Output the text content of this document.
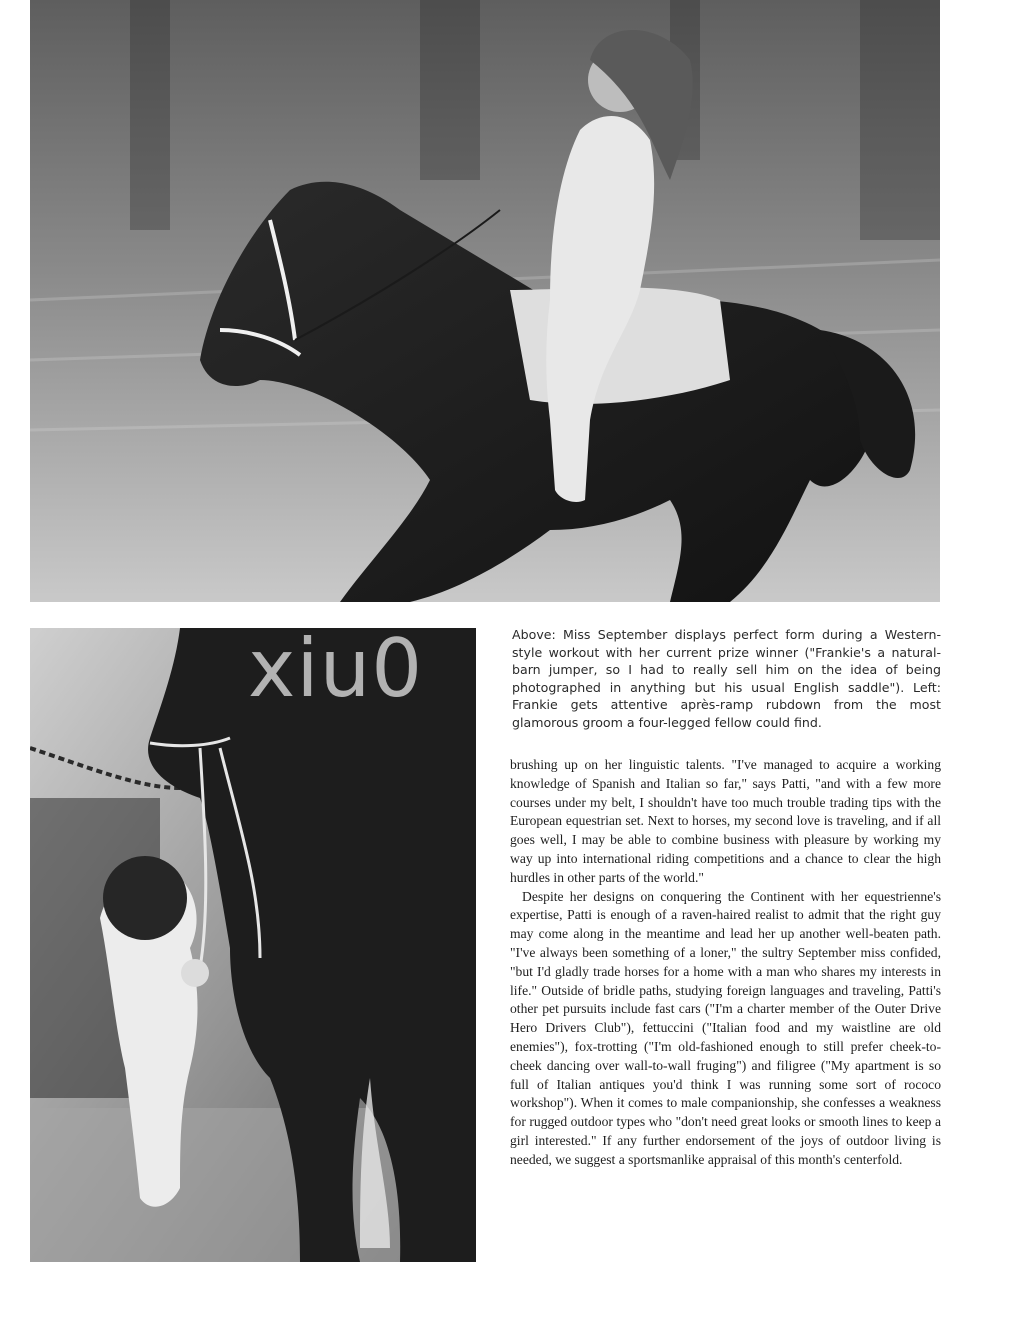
xiu0	Above: Miss September displays perfect form during a Western-style workout with her current prize winner ("Frankie's a natural-barn jumper, so I had to really sell him on the idea of being photographed in anything but his usual English saddle"). Left: Frankie gets attentive après-ramp rubdown from the most glamorous groom a four-legged fellow could find.

brushing up on her linguistic talents. "I've managed to acquire a working knowledge of Spanish and Italian so far," says Patti, "and with a few more courses under my belt, I shouldn't have too much trouble trading tips with the European equestrian set. Next to horses, my second love is traveling, and if all goes well, I may be able to combine business with pleasure by working my way up into international riding competitions and a chance to clear the high hurdles in other parts of the world."

Despite her designs on conquering the Continent with her equestrienne's expertise, Patti is enough of a raven-haired realist to admit that the right guy may come along in the meantime and lead her up another well-beaten path. "I've always been something of a loner," the sultry September miss confided, "but I'd gladly trade horses for a home with a man who shares my interests in life." Outside of bridle paths, studying foreign languages and traveling, Patti's other pet pursuits include fast cars ("I'm a charter member of the Outer Drive Hero Drivers Club"), fettuccini ("Italian food and my waistline are old enemies"), fox-trotting ("I'm old-fashioned enough to still prefer cheek-to-cheek dancing over wall-to-wall fruging") and filigree ("My apartment is so full of Italian antiques you'd think I was running some sort of rococo workshop"). When it comes to male companionship, she confesses a weakness for rugged outdoor types who "don't need great looks or smooth lines to keep a girl interested." If any further endorsement of the joys of outdoor living is needed, we suggest a sportsmanlike appraisal of this month's centerfold.
